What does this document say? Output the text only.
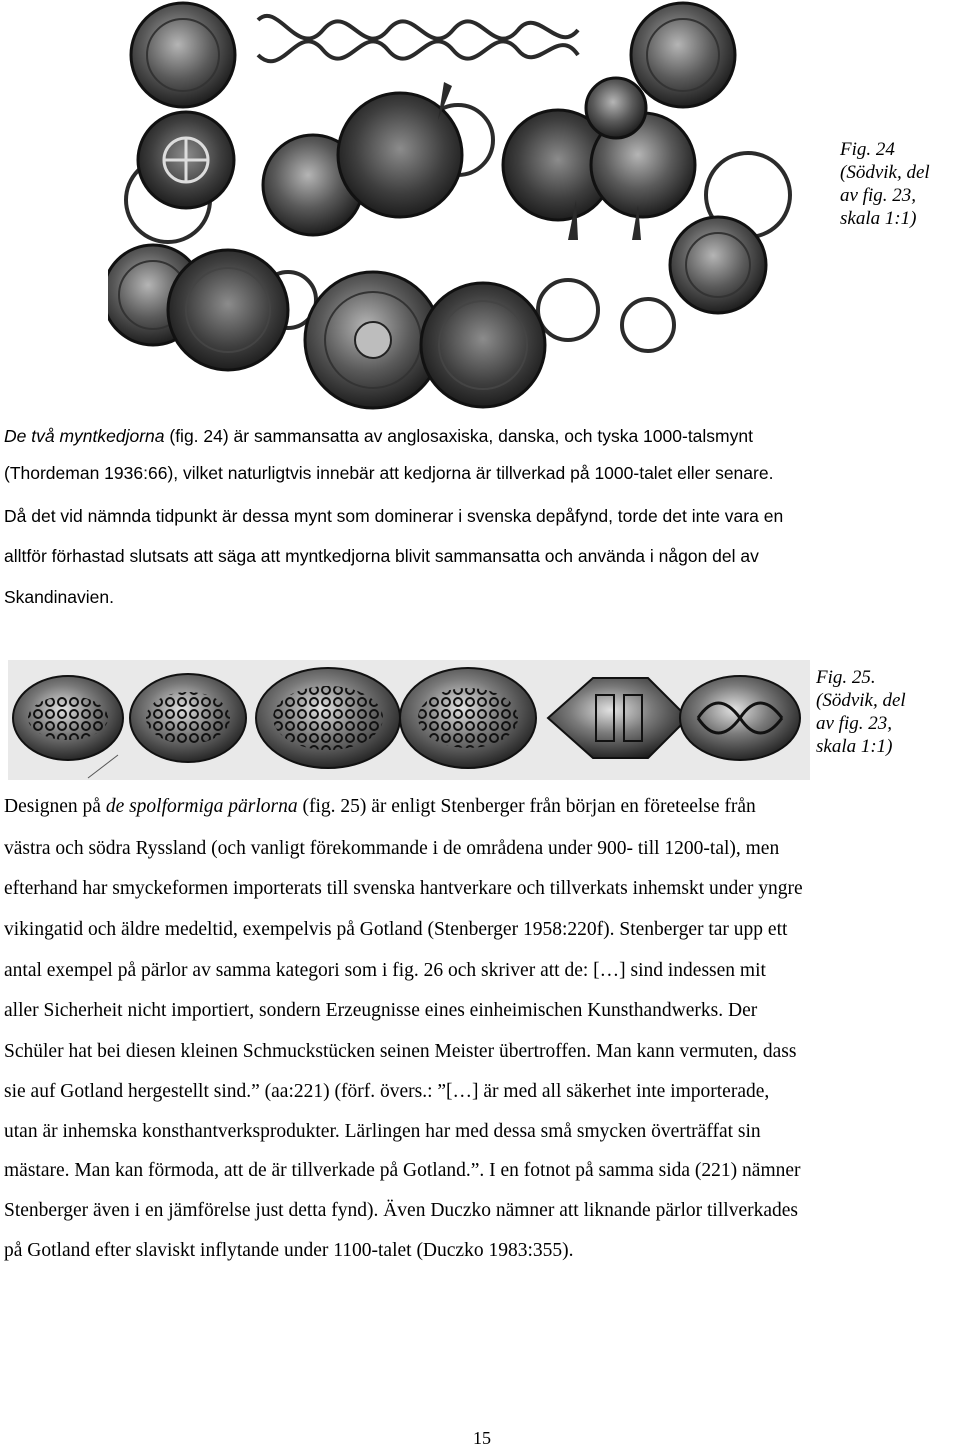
Fig. 24
(Södvik, del
av fig. 23,
skala 1:1)
De två myntkedjorna (fig. 24) är sammansatta av anglosaxiska, danska, och tyska 1000-talsmynt
(Thordeman 1936:66), vilket naturligtvis innebär att kedjorna är tillverkad på 1000-talet eller senare.
Då det vid nämnda tidpunkt är dessa mynt som dominerar i svenska depåfynd, torde det inte vara en
alltför förhastad slutsats att säga att myntkedjorna blivit sammansatta och använda i någon del av
Skandinavien.
Fig. 25.
(Södvik, del
av fig. 23,
skala 1:1)
Designen på de spolformiga pärlorna (fig. 25) är enligt Stenberger från början en företeelse från
västra och södra Ryssland (och vanligt förekommande i de områdena under 900- till 1200-tal), men
efterhand har smyckeformen importerats till svenska hantverkare och tillverkats inhemskt under yngre
vikingatid och äldre medeltid, exempelvis på Gotland (Stenberger 1958:220f). Stenberger tar upp ett
antal exempel på pärlor av samma kategori som i fig. 26 och skriver att de: […] sind indessen mit
aller Sicherheit nicht importiert, sondern Erzeugnisse eines einheimischen Kunsthandwerks. Der
Schüler hat bei diesen kleinen Schmuckstücken seinen Meister übertroffen. Man kann vermuten, dass
sie auf Gotland hergestellt sind.” (aa:221) (förf. övers.: ”[…] är med all säkerhet inte importerade,
utan är inhemska konsthantverksprodukter. Lärlingen har med dessa små smycken överträffat sin
mästare. Man kan förmoda, att de är tillverkade på Gotland.”. I en fotnot på samma sida (221) nämner
Stenberger även i en jämförelse just detta fynd). Även Duczko nämner att liknande pärlor tillverkades
på Gotland efter slaviskt inflytande under 1100-talet (Duczko 1983:355).
15
